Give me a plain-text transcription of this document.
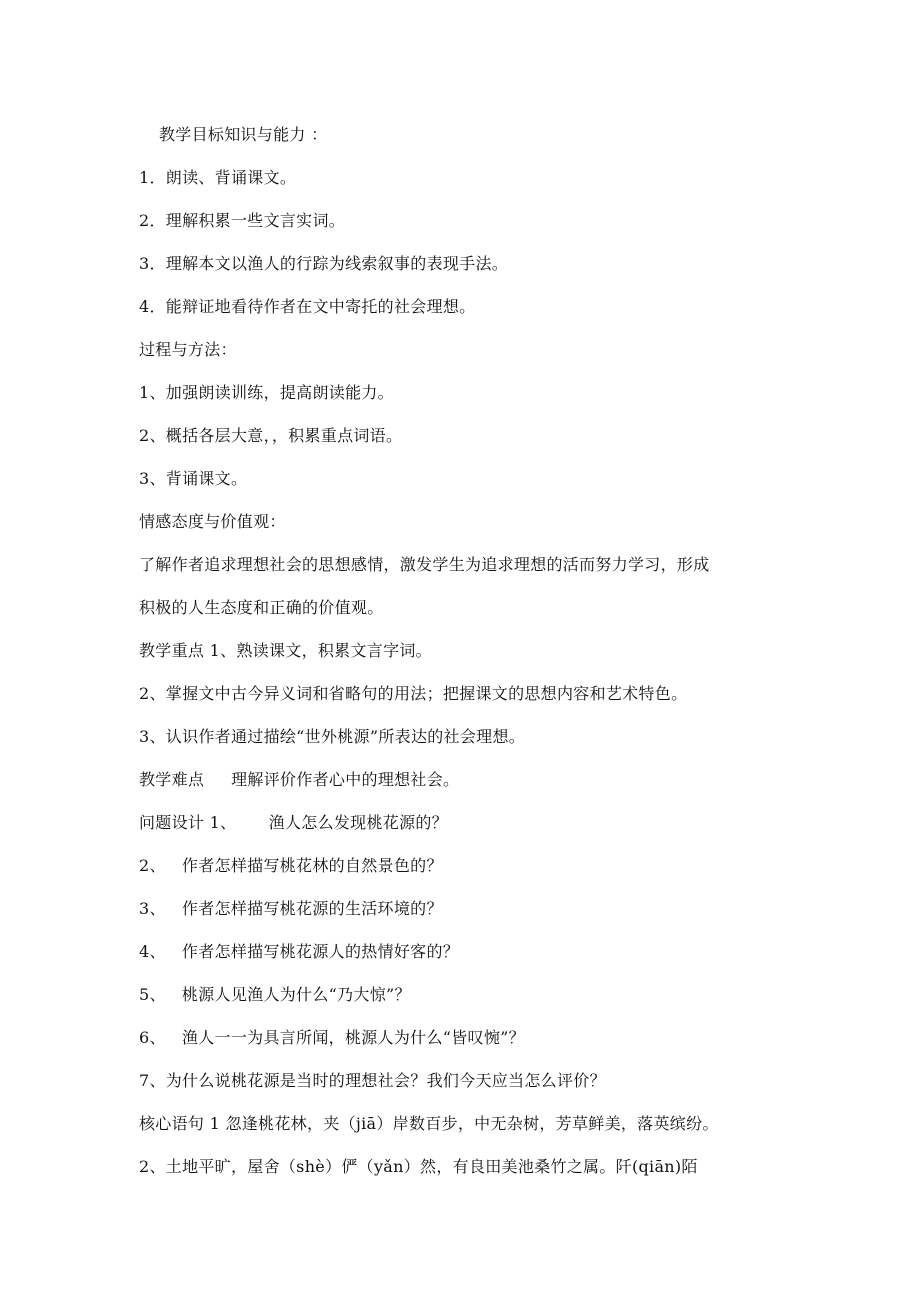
教学目标知识与能力 ：
1．朗读、背诵课文。
2．理解积累一些文言实词。
3．理解本文以渔人的行踪为线索叙事的表现手法。
4．能辩证地看待作者在文中寄托的社会理想。
过程与方法：
1、加强朗读训练，提高朗读能力。
2、概括各层大意，，积累重点词语。
3、背诵课文。
情感态度与价值观：
了解作者追求理想社会的思想感情，激发学生为追求理想的活而努力学习，形成
积极的人生态度和正确的价值观。
教学重点 1、熟读课文，积累文言字词。
2、掌握文中古今异义词和省略句的用法；把握课文的思想内容和艺术特色。
3、认识作者通过描绘“世外桃源”所表达的社会理想。
教学难点     理解评价作者心中的理想社会。
问题设计 1、      渔人怎么发现桃花源的？
2、   作者怎样描写桃花林的自然景色的？
3、   作者怎样描写桃花源的生活环境的？
4、   作者怎样描写桃花源人的热情好客的？
5、   桃源人见渔人为什么“乃大惊”？
6、   渔人一一为具言所闻，桃源人为什么“皆叹惋”？
7、为什么说桃花源是当时的理想社会？我们今天应当怎么评价？
核心语句 1 忽逢桃花林，夹（jiā）岸数百步，中无杂树，芳草鲜美，落英缤纷。
2、土地平旷，屋舍（shè）俨（yǎn）然，有良田美池桑竹之属。阡(qiān)陌
